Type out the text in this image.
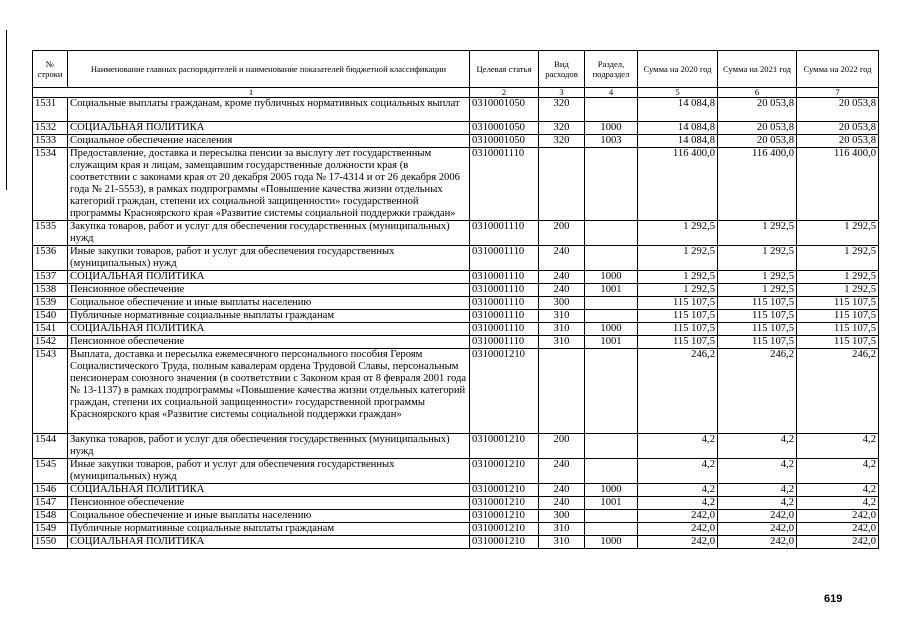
№ строки	Наименование главных распорядителей и наименование показателей бюджетной классификации	Целевая статья	Вид расходов	Раздел, подраздел	Сумма на 2020 год	Сумма на 2021 год	Сумма на 2022 год
1		2	3	4	5	6	7
1531	Социальные выплаты гражданам, кроме публичных нормативных социальных выплат	0310001050	320		14 084,8	20 053,8	20 053,8
1532	СОЦИАЛЬНАЯ ПОЛИТИКА	0310001050	320	1000	14 084,8	20 053,8	20 053,8
1533	Социальное обеспечение населения	0310001050	320	1003	14 084,8	20 053,8	20 053,8
1534	Предоставление, доставка и пересылка пенсии за выслугу лет государственным служащим края и лицам, замещавшим государственные должности края (в соответствии с законами края от 20 декабря 2005 года № 17-4314 и от 26 декабря 2006 года № 21-5553), в рамках подпрограммы «Повышение качества жизни отдельных категорий граждан, степени их социальной защищенности» государственной программы Красноярского края «Развитие системы социальной поддержки граждан»	0310001110			116 400,0	116 400,0	116 400,0
1535	Закупка товаров, работ и услуг для обеспечения государственных (муниципальных) нужд	0310001110	200		1 292,5	1 292,5	1 292,5
1536	Иные закупки товаров, работ и услуг для обеспечения государственных (муниципальных) нужд	0310001110	240		1 292,5	1 292,5	1 292,5
1537	СОЦИАЛЬНАЯ ПОЛИТИКА	0310001110	240	1000	1 292,5	1 292,5	1 292,5
1538	Пенсионное обеспечение	0310001110	240	1001	1 292,5	1 292,5	1 292,5
1539	Социальное обеспечение и иные выплаты населению	0310001110	300		115 107,5	115 107,5	115 107,5
1540	Публичные нормативные социальные выплаты гражданам	0310001110	310		115 107,5	115 107,5	115 107,5
1541	СОЦИАЛЬНАЯ ПОЛИТИКА	0310001110	310	1000	115 107,5	115 107,5	115 107,5
1542	Пенсионное обеспечение	0310001110	310	1001	115 107,5	115 107,5	115 107,5
1543	Выплата, доставка и пересылка ежемесячного персонального пособия Героям Социалистического Труда, полным кавалерам ордена Трудовой Славы, персональным пенсионерам союзного значения (в соответствии с Законом края от 8 февраля 2001 года № 13-1137) в рамках подпрограммы «Повышение качества жизни отдельных категорий граждан, степени их социальной защищенности» государственной программы Красноярского края «Развитие системы социальной поддержки граждан»	0310001210			246,2	246,2	246,2
1544	Закупка товаров, работ и услуг для обеспечения государственных (муниципальных) нужд	0310001210	200		4,2	4,2	4,2
1545	Иные закупки товаров, работ и услуг для обеспечения государственных (муниципальных) нужд	0310001210	240		4,2	4,2	4,2
1546	СОЦИАЛЬНАЯ ПОЛИТИКА	0310001210	240	1000	4,2	4,2	4,2
1547	Пенсионное обеспечение	0310001210	240	1001	4,2	4,2	4,2
1548	Социальное обеспечение и иные выплаты населению	0310001210	300		242,0	242,0	242,0
1549	Публичные нормативные социальные выплаты гражданам	0310001210	310		242,0	242,0	242,0
1550	СОЦИАЛЬНАЯ ПОЛИТИКА	0310001210	310	1000	242,0	242,0	242,0
619
